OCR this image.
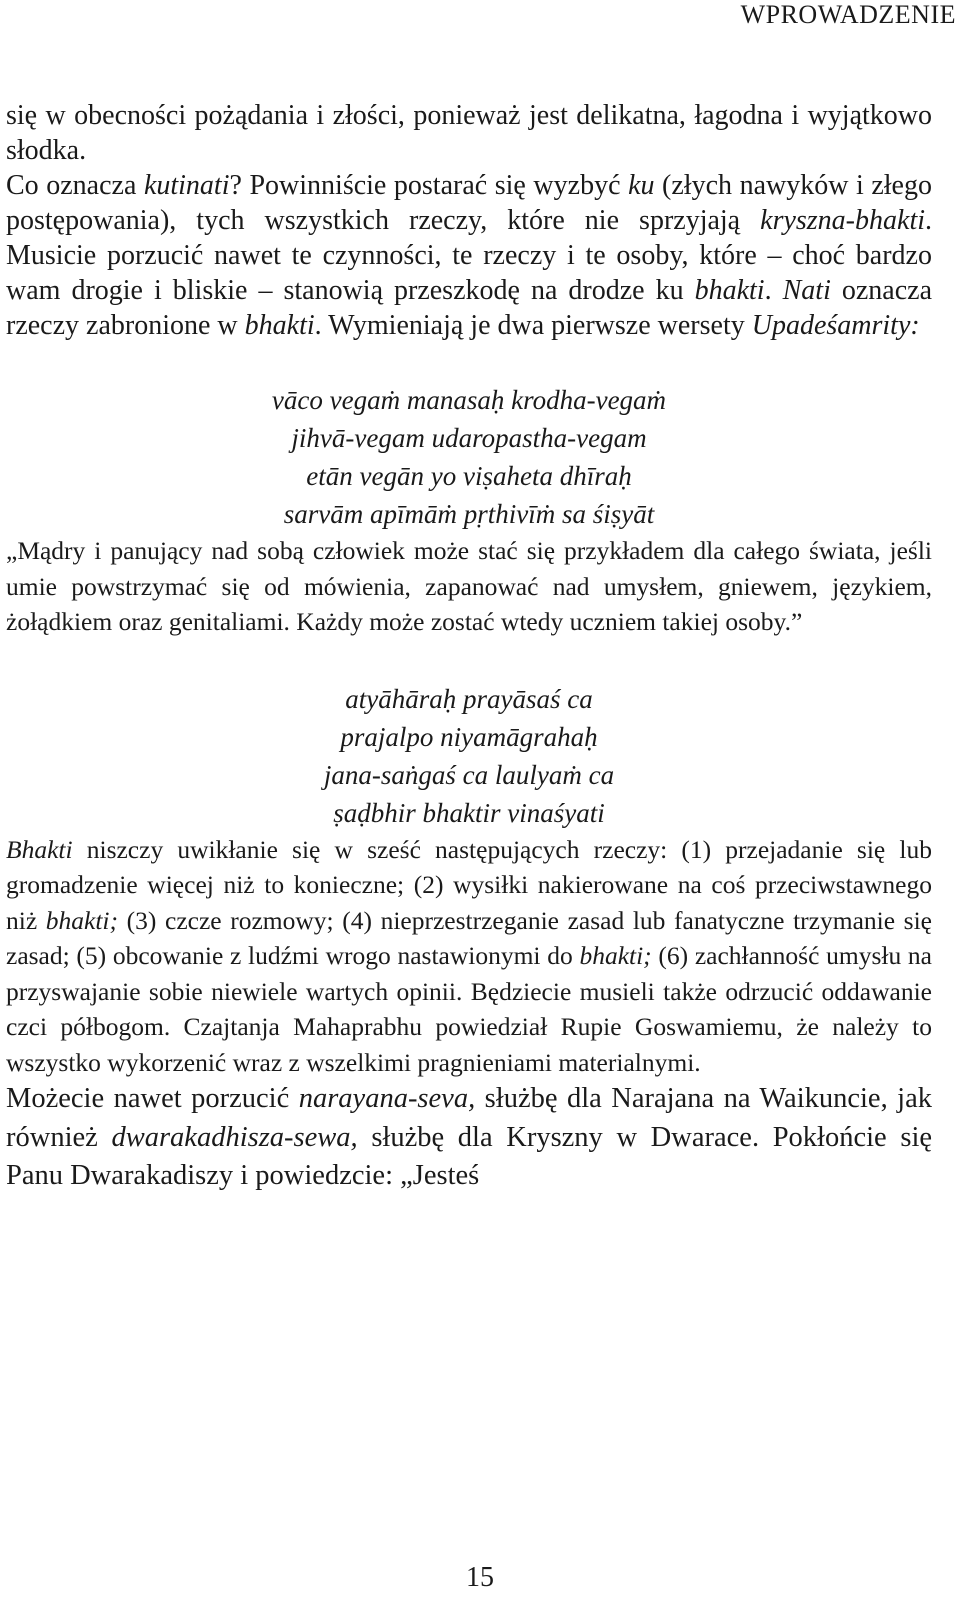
WPROWADZENIE

się w obecności pożądania i złości, ponieważ jest delikatna, łagodna i wyjątkowo słodka.

Co oznacza kutinati? Powinniście postarać się wyzbyć ku (złych nawyków i złego postępowania), tych wszystkich rzeczy, które nie sprzyjają kryszna-bhakti. Musicie porzucić nawet te czynności, te rzeczy i te osoby, które – choć bardzo wam drogie i bliskie – stanowią przeszkodę na drodze ku bhakti. Nati oznacza rzeczy zabronione w bhakti. Wymieniają je dwa pierwsze wersety Upadeśamrity:

vāco vegaṁ manasaḥ krodha-vegaṁ
jihvā-vegam udaropastha-vegam
etān vegān yo viṣaheta dhīraḥ
sarvām apīmāṁ pṛthivīṁ sa śiṣyāt

„Mądry i panujący nad sobą człowiek może stać się przykładem dla całego świata, jeśli umie powstrzymać się od mówienia, zapanować nad umysłem, gniewem, językiem, żołądkiem oraz genitaliami. Każdy może zostać wtedy uczniem takiej osoby.”

atyāhāraḥ prayāsaś ca
prajalpo niyamāgrahaḥ
jana-saṅgaś ca laulyaṁ ca
ṣaḍbhir bhaktir vinaśyati

Bhakti niszczy uwikłanie się w sześć następujących rzeczy: (1) przejadanie się lub gromadzenie więcej niż to konieczne; (2) wysiłki nakierowane na coś przeciwstawnego niż bhakti; (3) czcze rozmowy; (4) nieprzestrzeganie zasad lub fanatyczne trzymanie się zasad; (5) obcowanie z ludźmi wrogo nastawionymi do bhakti; (6) zachłanność umysłu na przyswajanie sobie niewiele wartych opinii. Będziecie musieli także odrzucić oddawanie czci półbogom. Czajtanja Mahaprabhu powiedział Rupie Goswamiemu, że należy to wszystko wykorzenić wraz z wszelkimi pragnieniami materialnymi.

Możecie nawet porzucić narayana-seva, służbę dla Narajana na Waikuncie, jak również dwarakadhisza-sewa, służbę dla Kryszny w Dwarace. Pokłońcie się Panu Dwarakadiszy i powiedzcie: „Jesteś

15
